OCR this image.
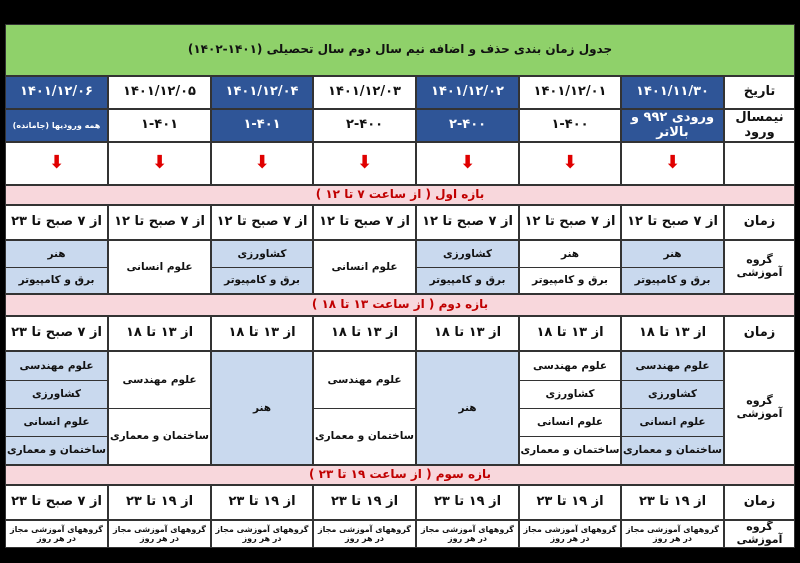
جدول زمان بندی حذف و اضافه نیم سال دوم سال تحصیلی (۱۴۰۱-۱۴۰۲)
تاریخ
نیمسال ورود
بازه اول ( از ساعت ۷ تا ۱۲ )
زمان
گروه آموزشی
بازه دوم ( از ساعت ۱۳ تا ۱۸ )
زمان
گروه آموزشی
بازه سوم ( از ساعت ۱۹ تا ۲۳ )
زمان
گروه آموزشی
۱۴۰۱/۱۱/۳۰
ورودی ۹۹۲ و بالاتر
⬇
از ۷ صبح تا ۱۲
هنر
برق و کامپیوتر
از ۱۳ تا ۱۸
علوم مهندسی
کشاورزی
علوم انسانی
ساختمان و معماری
از ۱۹ تا ۲۳
گروههای آموزشی مجاز در هر روز
۱۴۰۱/۱۲/۰۱
۱-۴۰۰
⬇
از ۷ صبح تا ۱۲
هنر
برق و کامپیوتر
از ۱۳ تا ۱۸
علوم مهندسی
کشاورزی
علوم انسانی
ساختمان و معماری
از ۱۹ تا ۲۳
گروههای آموزشی مجاز در هر روز
۱۴۰۱/۱۲/۰۲
۲-۴۰۰
⬇
از ۷ صبح تا ۱۲
کشاورزی
برق و کامپیوتر
از ۱۳ تا ۱۸
هنر
از ۱۹ تا ۲۳
گروههای آموزشی مجاز در هر روز
۱۴۰۱/۱۲/۰۳
۲-۴۰۰
⬇
از ۷ صبح تا ۱۲
علوم انسانی
از ۱۳ تا ۱۸
علوم مهندسی
ساختمان و معماری
از ۱۹ تا ۲۳
گروههای آموزشی مجاز در هر روز
۱۴۰۱/۱۲/۰۴
۱-۴۰۱
⬇
از ۷ صبح تا ۱۲
کشاورزی
برق و کامپیوتر
از ۱۳ تا ۱۸
هنر
از ۱۹ تا ۲۳
گروههای آموزشی مجاز در هر روز
۱۴۰۱/۱۲/۰۵
۱-۴۰۱
⬇
از ۷ صبح تا ۱۲
علوم انسانی
از ۱۳ تا ۱۸
علوم مهندسی
ساختمان و معماری
از ۱۹ تا ۲۳
گروههای آموزشی مجاز در هر روز
۱۴۰۱/۱۲/۰۶
همه ورودیها (جامانده)
⬇
از ۷ صبح تا ۲۳
هنر
برق و کامپیوتر
از ۷ صبح تا ۲۳
علوم مهندسی
کشاورزی
علوم انسانی
ساختمان و معماری
از ۷ صبح تا ۲۳
گروههای آموزشی مجاز در هر روز
